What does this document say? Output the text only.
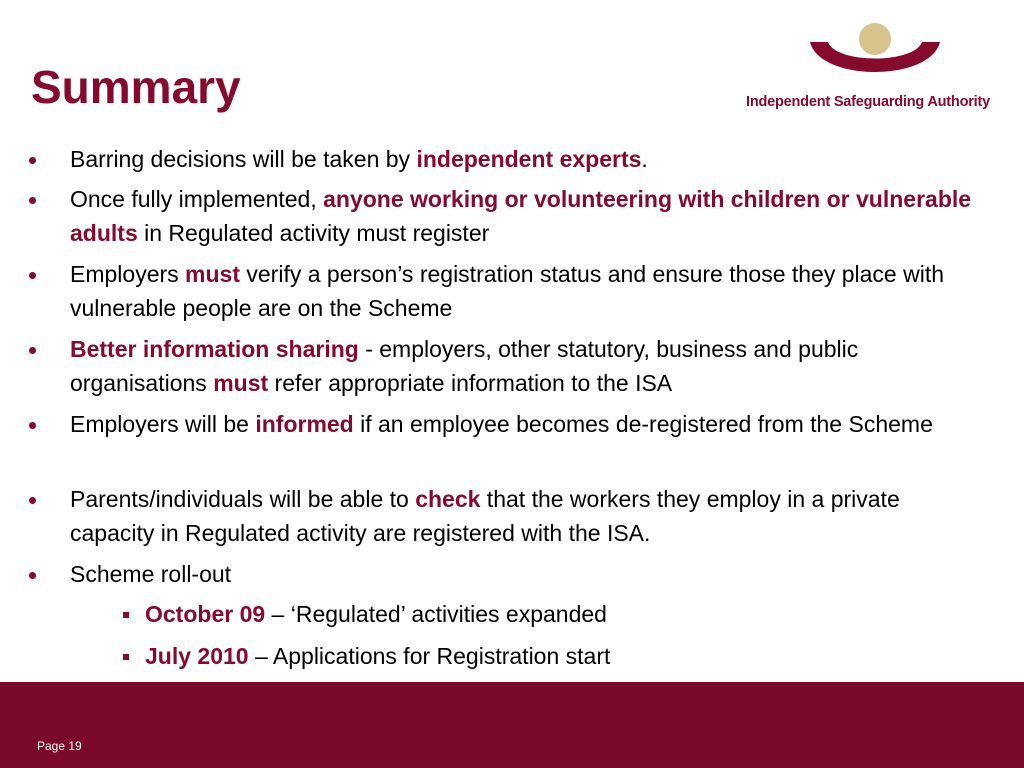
Summary	Independent Safeguarding Authority
Barring decisions will be taken by independent experts.
Once fully implemented, anyone working or volunteering with children or vulnerable adults in Regulated activity must register
Employers must verify a person’s registration status and ensure those they place with vulnerable people are on the Scheme
Better information sharing - employers, other statutory, business and public organisations must refer appropriate information to the ISA
Employers will be informed if an employee becomes de-registered from the Scheme
Parents/individuals will be able to check that the workers they employ in a private capacity in Regulated activity are registered with the ISA.
Scheme roll-out
October 09 – ‘Regulated’ activities expanded
July 2010 – Applications for Registration start
Page 19
